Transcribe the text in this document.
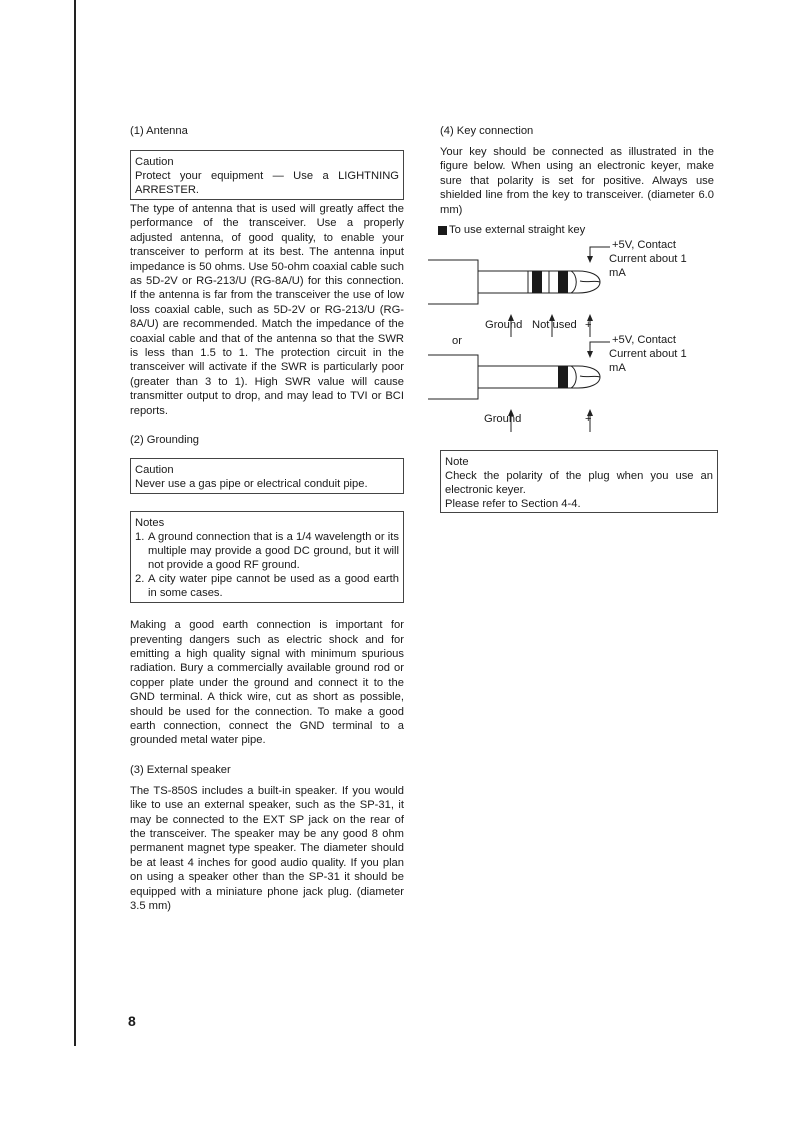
(1) Antenna

Caution
Protect your equipment — Use a LIGHTNING ARRESTER.

The type of antenna that is used will greatly affect the performance of the transceiver. Use a properly adjusted antenna, of good quality, to enable your transceiver to perform at its best. The antenna input impedance is 50 ohms. Use 50-ohm coaxial cable such as 5D-2V or RG-213/U (RG-8A/U) for this connection. If the antenna is far from the transceiver the use of low loss coaxial cable, such as 5D-2V or RG-213/U (RG-8A/U) are recommended. Match the impedance of the coaxial cable and that of the antenna so that the SWR is less than 1.5 to 1. The protection circuit in the transceiver will activate if the SWR is particularly poor (greater than 3 to 1). High SWR value will cause transmitter output to drop, and may lead to TVI or BCI reports.

(2) Grounding

Caution
Never use a gas pipe or electrical conduit pipe.
Notes
1. A ground connection that is a 1/4 wavelength or its multiple may provide a good DC ground, but it will not provide a good RF ground.
2. A city water pipe cannot be used as a good earth in some cases.

Making a good earth connection is important for preventing dangers such as electric shock and for emitting a high quality signal with minimum spurious radiation. Bury a commercially available ground rod or copper plate under the ground and connect it to the GND terminal. A thick wire, cut as short as possible, should be used for the connection. To make a good earth connection, connect the GND terminal to a grounded metal water pipe.

(3) External speaker

The TS-850S includes a built-in speaker. If you would like to use an external speaker, such as the SP-31, it may be connected to the EXT SP jack on the rear of the transceiver. The speaker may be any good 8 ohm permanent magnet type speaker. The diameter should be at least 4 inches for good audio quality. If you plan on using a speaker other than the SP-31 it should be equipped with a miniature phone jack plug. (diameter 3.5 mm)

(4) Key connection

Your key should be connected as illustrated in the figure below. When using an electronic keyer, make sure that polarity is set for positive. Always use shielded line from the key to transceiver. (diameter 6.0 mm)

To use external straight key
+5V, Contact
Current about 1
mA
Ground Not used +
or	+5V, Contact
Current about 1
mA
Ground	+
Note
Check the polarity of the plug when you use an electronic keyer.
Please refer to Section 4-4.
8
